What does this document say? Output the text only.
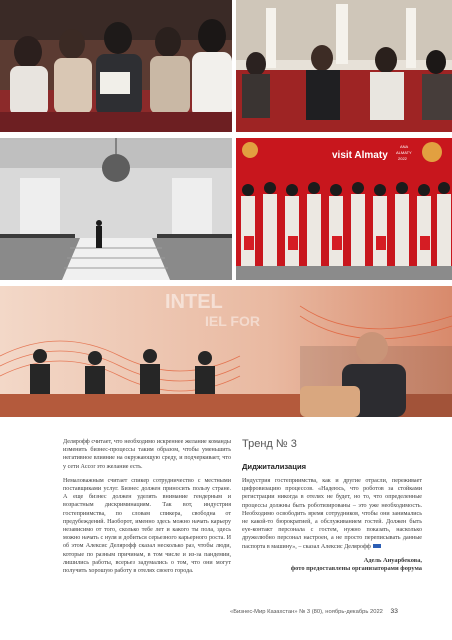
visit Almaty
ANA
ALMATY
2022
INTEL
IEL FOR

Делярофф считает, что необходимо искреннее желание команды изменить бизнес-процессы таким образом, чтобы уменьшить негативное влияние на окружающую среду, и подчеркивает, что у сети Accor это желание есть.

Немаловажным считает спикер сотрудничество с местными поставщиками услуг. Бизнес должен приносить пользу стране. А еще бизнес должен уделять внимание гендерным и возрастным дискриминациям. Так вот, индустрия гостеприимства, по словам спикера, свободна от предубеждений. Наоборот, именно здесь можно начать карьеру независимо от того, сколько тебе лет и какого ты пола, здесь можно начать с нуля и добиться серьезного карьерного роста. И об этом Алексис Делярофф сказал несколько раз, чтобы люди, которые по разным причинам, в том числе и из-за пандемии, лишились работы, всерьез задумались о том, что они могут получить хорошую работу в отелях своего города.

Тренд № 3
Диджитализация

Индустрия гостеприимства, как и другие отрасли, переживает цифровизацию процессов. «Надеюсь, что роботов за стойками регистрации никогда в отелях не будет, но то, что определенные процессы должны быть роботизированы – это уже необходимость. Необходимо освободить время сотрудников, чтобы они занимались не какой-то бюрократией, а обслуживанием гостей. Должен быть eye-контакт персонала с гостем, нужно показать, насколько дружелюбно персонал настроен, а не просто переписывать данные паспорта в машину», – сказал Алексис Делярофф

Адель Ануарбекова,
фото предоставлены организаторами форума
«Бизнес-Мир Казахстан» № 3 (80), ноябрь-декабрь 2022 33
